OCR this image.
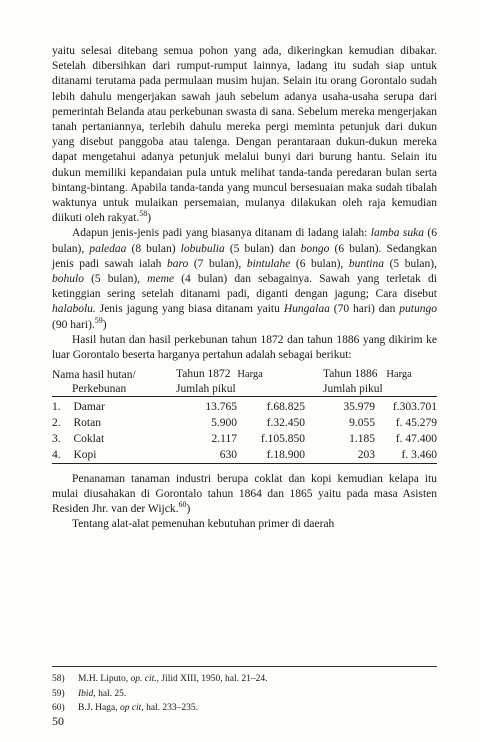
yaitu selesai ditebang semua pohon yang ada, dikeringkan kemudian dibakar. Setelah dibersihkan dari rumput-rumput lainnya, ladang itu sudah siap untuk ditanami terutama pada permulaan musim hujan. Selain itu orang Gorontalo sudah lebih dahulu mengerjakan sawah jauh sebelum adanya usaha-usaha serupa dari pemerintah Belanda atau perkebunan swasta di sana. Sebelum mereka mengerjakan tanah pertaniannya, terlebih dahulu mereka pergi meminta petunjuk dari dukun yang disebut panggoba atau talenga. Dengan perantaraan dukun-dukun mereka dapat mengetahui adanya petunjuk melalui bunyi dari burung hantu. Selain itu dukun memiliki kepandaian pula untuk melihat tanda-tanda peredaran bulan serta bintang-bintang. Apabila tanda-tanda yang muncul bersesuaian maka sudah tibalah waktunya untuk mulaikan persemaian, mulanya dilakukan oleh raja kemudian diikuti oleh rakyat.$^{58}$)

Adapun jenis-jenis padi yang biasanya ditanam di ladang ialah: lamba suka (6 bulan), paledaa (8 bulan) lobubulia (5 bulan) dan bongo (6 bulan). Sedangkan jenis padi sawah ialah baro (7 bulan), bintulahe (6 bulan), buntina (5 bulan), bohulo (5 bulan), meme (4 bulan) dan sebagainya. Sawah yang terletak di ketinggian sering setelah ditanami padi, diganti dengan jagung; Cara disebut halabolu. Jenis jagung yang biasa ditanam yaitu Hungalaa (70 hari) dan putungo (90 hari).$^{59}$)

Hasil hutan dan hasil perkebunan tahun 1872 dan tahun 1886 yang dikirim ke luar Gorontalo beserta harganya pertahun adalah sebagai berikut:

Nama hasil hutan/	Tahun 1872 Harga		Tahun 1886 Harga	
Perkebunan	Jumlah pikul		Jumlah pikul	

1. Damar	13.765	f.68.825	35.979	f.303.701
2. Rotan	5.900	f.32.450	9.055	f. 45.279
3. Coklat	2.117	f.105.850	1.185	f. 47.400
4. Kopi	630	f.18.900	203	f. 3.460

Penanaman tanaman industri berupa coklat dan kopi kemudian kelapa itu mulai diusahakan di Gorontalo tahun 1864 dan 1865 yaitu pada masa Asisten Residen Jhr. van der Wijck.$^{60}$)

Tentang alat-alat pemenuhan kebutuhan primer di daerah

58)	M.H. Liputo, op. cit., Jilid XIII, 1950, hal. 21–24.
59)	Ibid, hal. 25.
60)	B.J. Haga, op cit, hal. 233–235.
50
